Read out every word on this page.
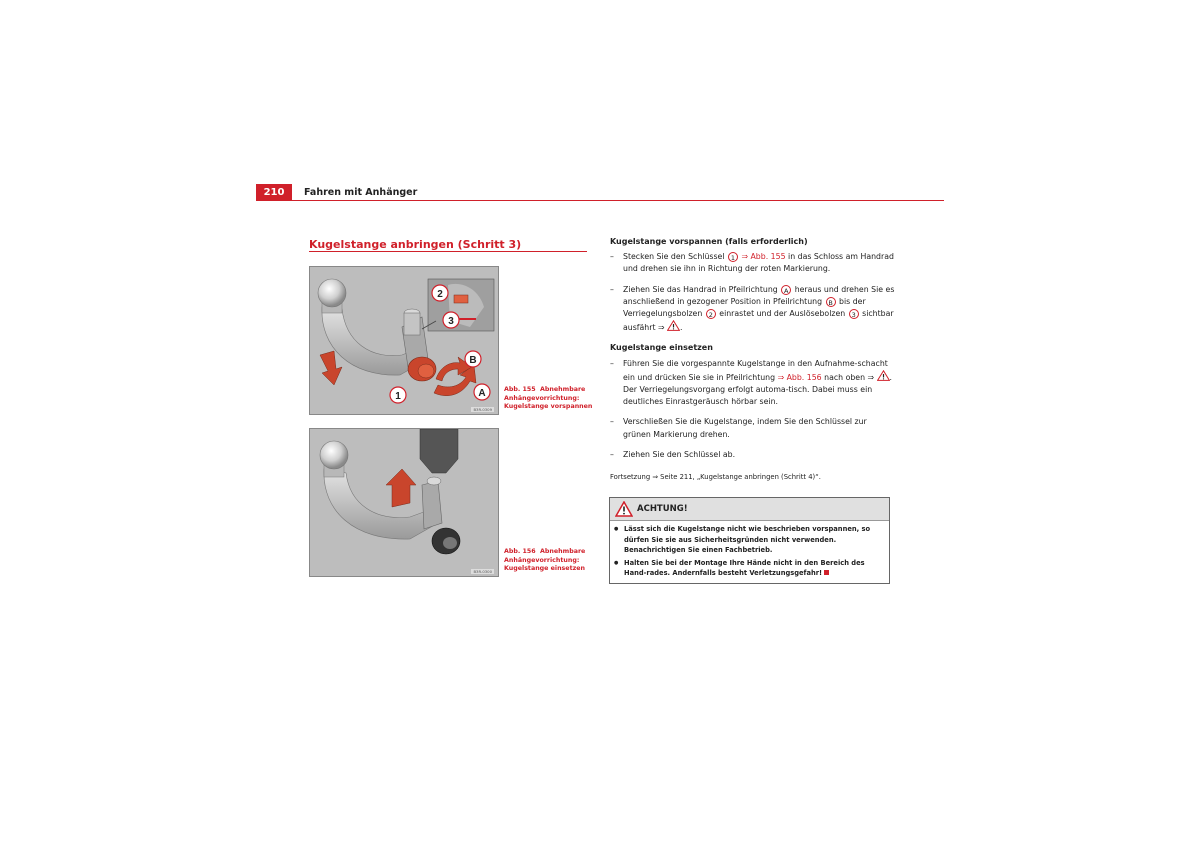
210	Fahren mit Anhänger
Kugelstange anbringen (Schritt 3)
1
2
3
A
B
B3R-0309
Abb. 155 Abnehmbare Anhängevorrichtung: Kugelstange vorspannen
B3R-0300
Abb. 156 Abnehmbare Anhängevorrichtung: Kugelstange einsetzen
Kugelstange vorspannen (falls erforderlich)
– Stecken Sie den Schlüssel 1 ⇒ Abb. 155 in das Schloss am Handrad und drehen sie ihn in Richtung der roten Markierung.
– Ziehen Sie das Handrad in Pfeilrichtung A heraus und drehen Sie es anschließend in gezogener Position in Pfeilrichtung B bis der Verriegelungsbolzen 2 einrastet und der Auslösebolzen 3 sichtbar ausfährt ⇒ .
Kugelstange einsetzen
– Führen Sie die vorgespannte Kugelstange in den Aufnahme-schacht ein und drücken Sie sie in Pfeilrichtung ⇒ Abb. 156 nach oben ⇒ . Der Verriegelungsvorgang erfolgt automa-tisch. Dabei muss ein deutliches Einrastgeräusch hörbar sein.
– Verschließen Sie die Kugelstange, indem Sie den Schlüssel zur grünen Markierung drehen.
– Ziehen Sie den Schlüssel ab.
Fortsetzung ⇒ Seite 211, „Kugelstange anbringen (Schritt 4)“.
ACHTUNG!
● Lässt sich die Kugelstange nicht wie beschrieben vorspannen, so dürfen Sie sie aus Sicherheitsgründen nicht verwenden. Benachrichtigen Sie einen Fachbetrieb.
● Halten Sie bei der Montage Ihre Hände nicht in den Bereich des Hand-rades. Andernfalls besteht Verletzungsgefahr!
